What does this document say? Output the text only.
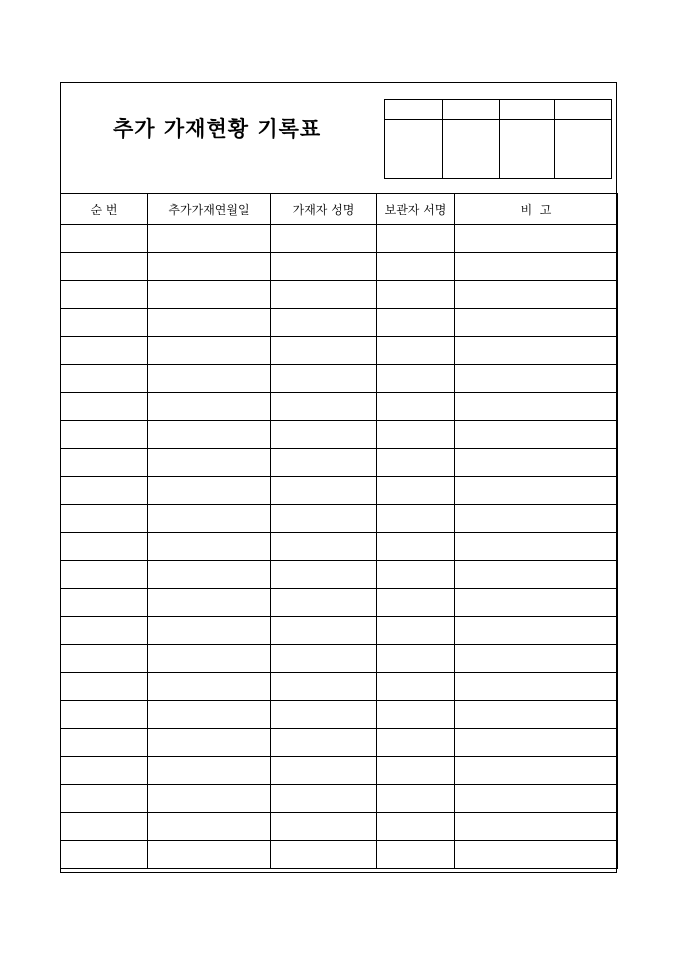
추가 가재현황 기록표

순 번	추가가재연월일	가재자 성명	보관자 서명	비  고
